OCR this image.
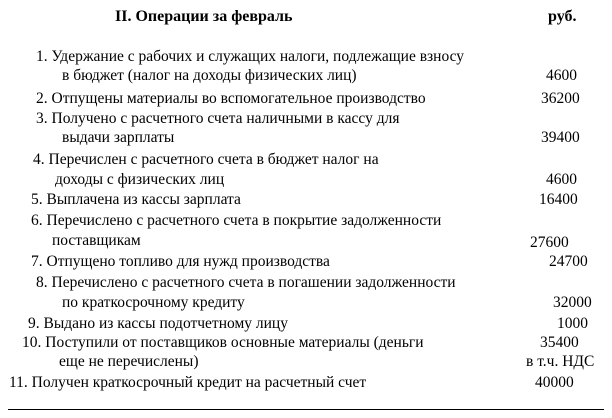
II. Операции за февраль	руб.
1. Удержание с рабочих и служащих налоги, подлежащие взносу
в бюджет (налог на доходы физических лиц)	4600
2. Отпущены материалы во вспомогательное производство	36200
3. Получено с расчетного счета наличными в кассу для
выдачи зарплаты	39400
4. Перечислен с расчетного счета в бюджет налог на
доходы с физических лиц	4600
5. Выплачена из кассы зарплата	16400
6. Перечислено с расчетного счета в покрытие задолженности
поставщикам	27600
7. Отпущено топливо для нужд производства	24700
8. Перечислено с расчетного счета в погашении задолженности
по краткосрочному кредиту	32000
9. Выдано из кассы подотчетному лицу	1000
10. Поступили от поставщиков основные материалы (деньги	35400
еще не перечислены)	в т.ч. НДС
11. Получен краткосрочный кредит на расчетный счет	40000
